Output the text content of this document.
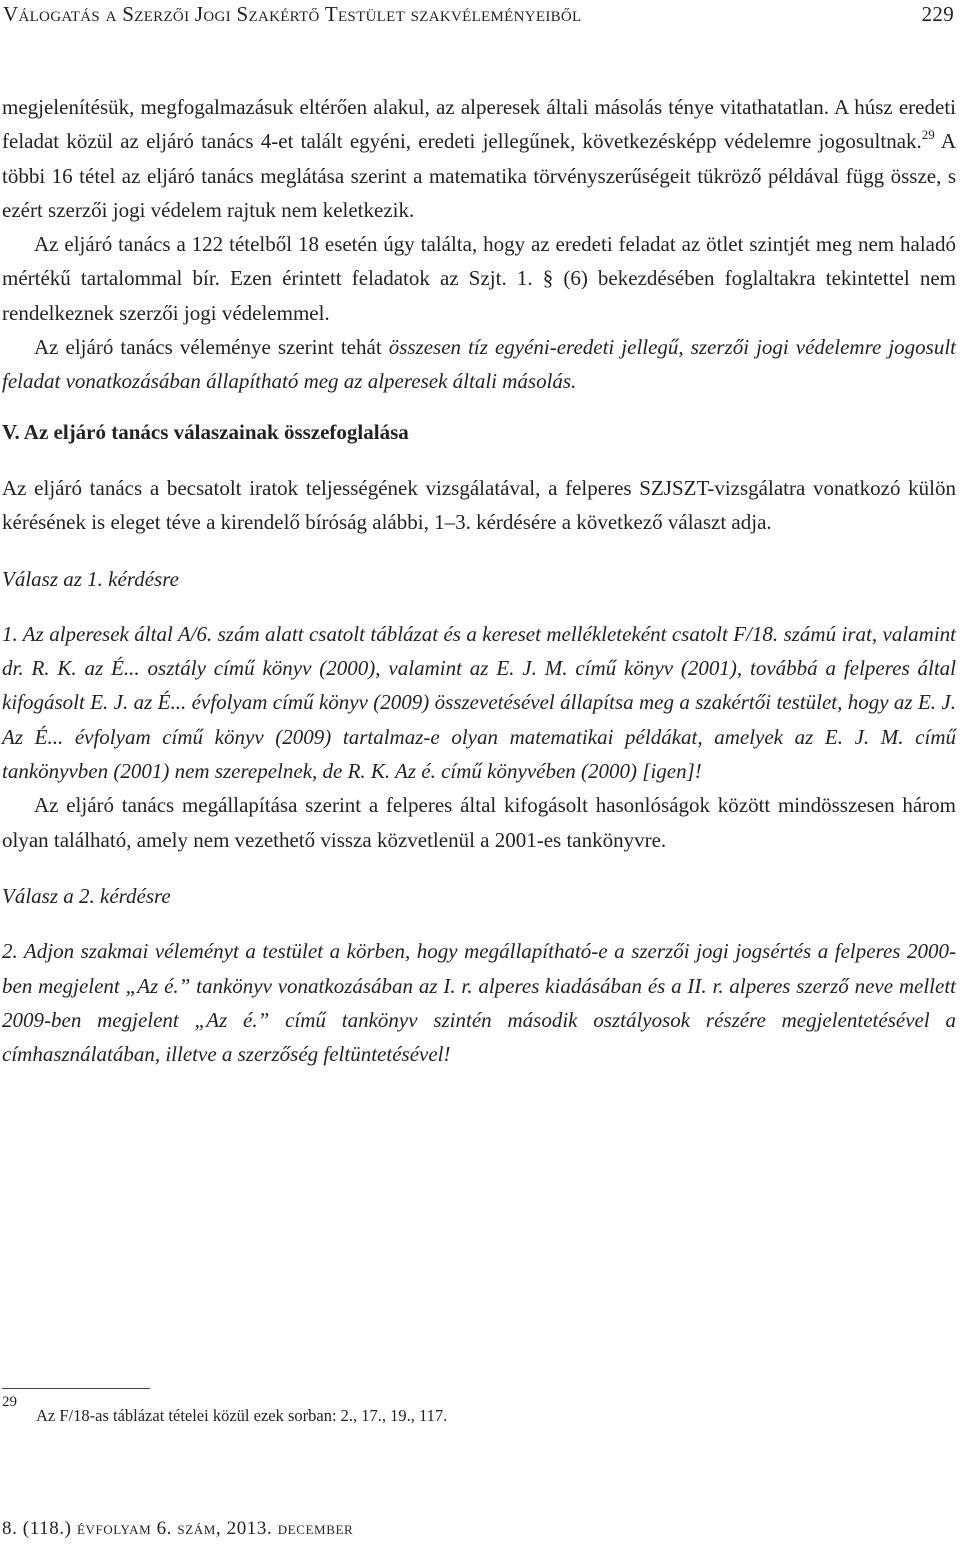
Válogatás a Szerzői Jogi Szakértő Testület szakvéleményeiből	229

megjelenítésük, megfogalmazásuk eltérően alakul, az alperesek általi másolás ténye vitathatatlan. A húsz eredeti feladat közül az eljáró tanács 4-et talált egyéni, eredeti jellegűnek, következésképp védelemre jogosultnak.$^{29}$ A többi 16 tétel az eljáró tanács meglátása szerint a matematika törvényszerűségeit tükröző példával függ össze, s ezért szerzői jogi védelem rajtuk nem keletkezik.

Az eljáró tanács a 122 tételből 18 esetén úgy találta, hogy az eredeti feladat az ötlet szintjét meg nem haladó mértékű tartalommal bír. Ezen érintett feladatok az Szjt. 1. § (6) bekezdésében foglaltakra tekintettel nem rendelkeznek szerzői jogi védelemmel.

Az eljáró tanács véleménye szerint tehát összesen tíz egyéni-eredeti jellegű, szerzői jogi védelemre jogosult feladat vonatkozásában állapítható meg az alperesek általi másolás.

V. Az eljáró tanács válaszainak összefoglalása

Az eljáró tanács a becsatolt iratok teljességének vizsgálatával, a felperes SZJSZT-vizsgálatra vonatkozó külön kérésének is eleget téve a kirendelő bíróság alábbi, 1–3. kérdésére a következő választ adja.

Válasz az 1. kérdésre

1. Az alperesek által A/6. szám alatt csatolt táblázat és a kereset mellékleteként csatolt F/18. számú irat, valamint dr. R. K. az É... osztály című könyv (2000), valamint az E. J. M. című könyv (2001), továbbá a felperes által kifogásolt E. J. az É... évfolyam című könyv (2009) összevetésével állapítsa meg a szakértői testület, hogy az E. J. Az É... évfolyam című könyv (2009) tartalmaz-e olyan matematikai példákat, amelyek az E. J. M. című tankönyvben (2001) nem szerepelnek, de R. K. Az é. című könyvében (2000) [igen]!

Az eljáró tanács megállapítása szerint a felperes által kifogásolt hasonlóságok között mindösszesen három olyan található, amely nem vezethető vissza közvetlenül a 2001-es tankönyvre.

Válasz a 2. kérdésre

2. Adjon szakmai véleményt a testület a körben, hogy megállapítható-e a szerzői jogi jogsértés a felperes 2000-ben megjelent „Az é.” tankönyv vonatkozásában az I. r. alperes kiadásában és a II. r. alperes szerző neve mellett 2009-ben megjelent „Az é.” című tankönyv szintén második osztályosok részére megjelentetésével a címhasználatában, illetve a szerzőség feltüntetésével!

29
Az F/18-as táblázat tételei közül ezek sorban: 2., 17., 19., 117.
8. (118.) évfolyam 6. szám, 2013. december
